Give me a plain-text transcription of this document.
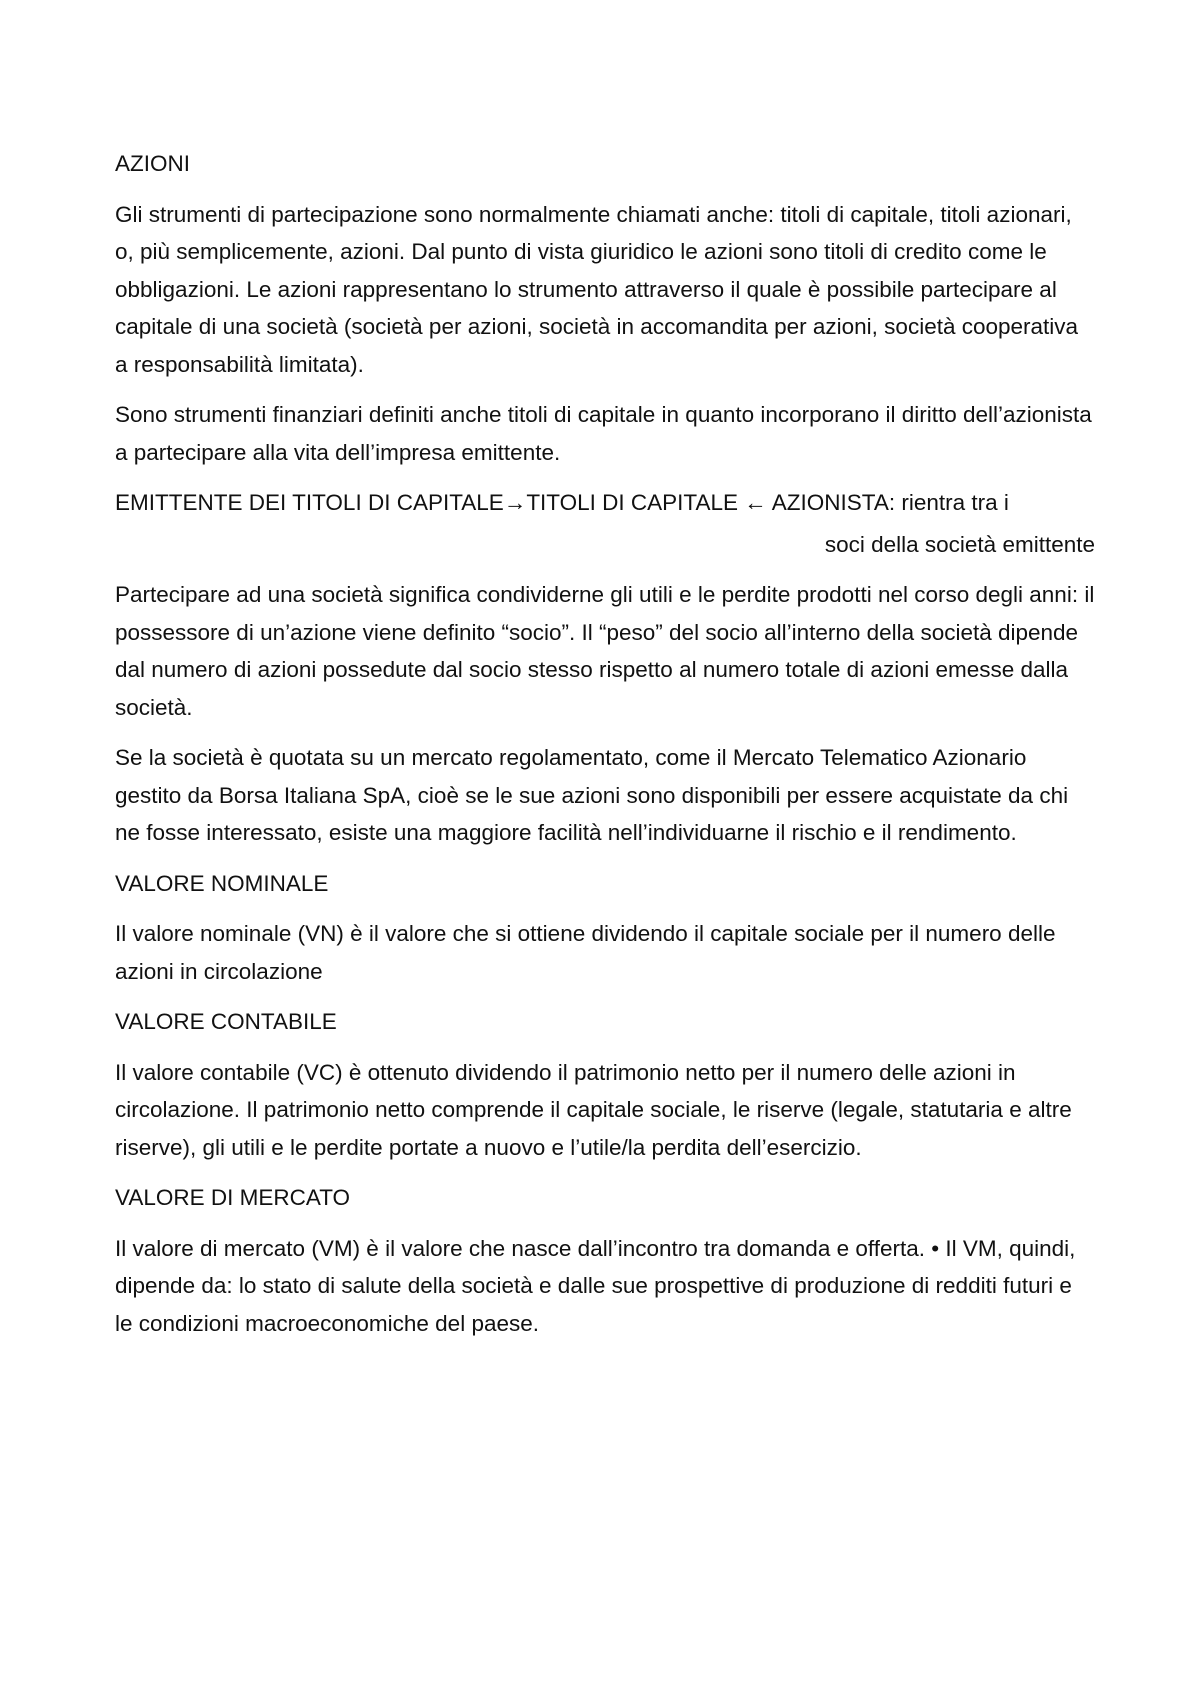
AZIONI

Gli strumenti di partecipazione sono normalmente chiamati anche: titoli di capitale, titoli azionari, o, più semplicemente, azioni. Dal punto di vista giuridico le azioni sono titoli di credito come le obbligazioni. Le azioni rappresentano lo strumento attraverso il quale è possibile partecipare al capitale di una società (società per azioni, società in accomandita per azioni, società cooperativa a responsabilità limitata).

Sono strumenti finanziari definiti anche titoli di capitale in quanto incorporano il diritto dell’azionista a partecipare alla vita dell’impresa emittente.

EMITTENTE DEI TITOLI DI CAPITALE→TITOLI DI CAPITALE ← AZIONISTA: rientra tra i

soci della società emittente

Partecipare ad una società significa condividerne gli utili e le perdite prodotti nel corso degli anni: il possessore di un’azione viene definito “socio”. Il “peso” del socio all’interno della società dipende dal numero di azioni possedute dal socio stesso rispetto al numero totale di azioni emesse dalla società.

Se la società è quotata su un mercato regolamentato, come il Mercato Telematico Azionario gestito da Borsa Italiana SpA, cioè se le sue azioni sono disponibili per essere acquistate da chi ne fosse interessato, esiste una maggiore facilità nell’individuarne il rischio e il rendimento.

VALORE NOMINALE

Il valore nominale (VN) è il valore che si ottiene dividendo il capitale sociale per il numero delle azioni in circolazione

VALORE CONTABILE

Il valore contabile (VC) è ottenuto dividendo il patrimonio netto per il numero delle azioni in circolazione. Il patrimonio netto comprende il capitale sociale, le riserve (legale, statutaria e altre riserve), gli utili e le perdite portate a nuovo e l’utile/la perdita dell’esercizio.

VALORE DI MERCATO

Il valore di mercato (VM) è il valore che nasce dall’incontro tra domanda e offerta. • Il VM, quindi, dipende da: lo stato di salute della società e dalle sue prospettive di produzione di redditi futuri e le condizioni macroeconomiche del paese.
